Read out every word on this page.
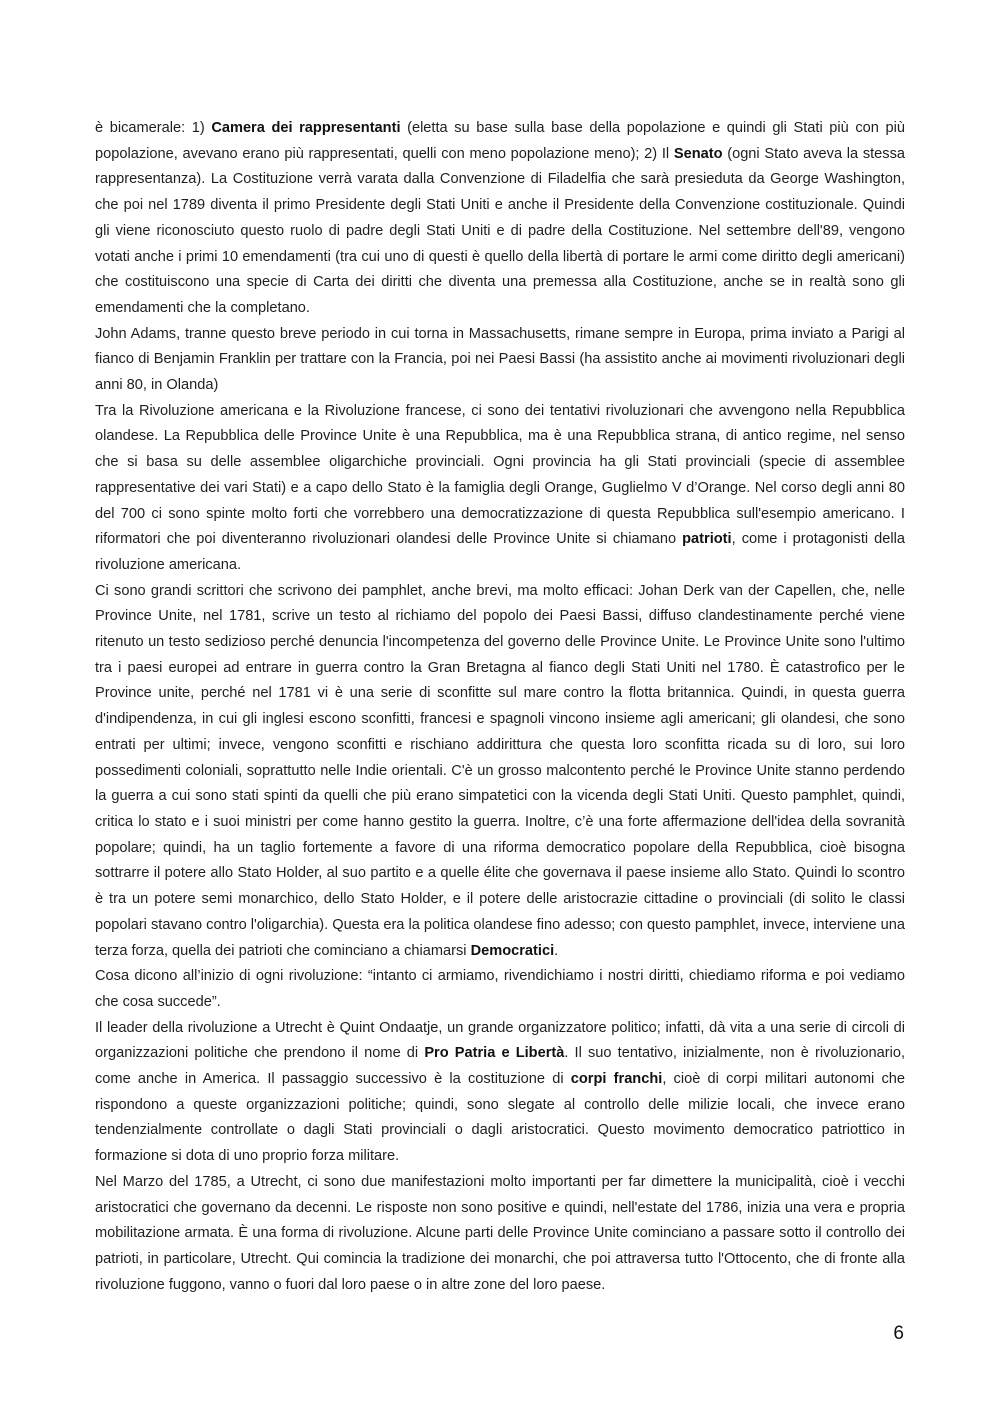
è bicamerale: 1) Camera dei rappresentanti (eletta su base sulla base della popolazione e quindi gli Stati più con più popolazione, avevano erano più rappresentati, quelli con meno popolazione meno); 2) Il Senato (ogni Stato aveva la stessa rappresentanza). La Costituzione verrà varata dalla Convenzione di Filadelfia che sarà presieduta da George Washington, che poi nel 1789 diventa il primo Presidente degli Stati Uniti e anche il Presidente della Convenzione costituzionale. Quindi gli viene riconosciuto questo ruolo di padre degli Stati Uniti e di padre della Costituzione. Nel settembre dell'89, vengono votati anche i primi 10 emendamenti (tra cui uno di questi è quello della libertà di portare le armi come diritto degli americani) che costituiscono una specie di Carta dei diritti che diventa una premessa alla Costituzione, anche se in realtà sono gli emendamenti che la completano.

John Adams, tranne questo breve periodo in cui torna in Massachusetts, rimane sempre in Europa, prima inviato a Parigi al fianco di Benjamin Franklin per trattare con la Francia, poi nei Paesi Bassi (ha assistito anche ai movimenti rivoluzionari degli anni 80, in Olanda)

Tra la Rivoluzione americana e la Rivoluzione francese, ci sono dei tentativi rivoluzionari che avvengono nella Repubblica olandese. La Repubblica delle Province Unite è una Repubblica, ma è una Repubblica strana, di antico regime, nel senso che si basa su delle assemblee oligarchiche provinciali. Ogni provincia ha gli Stati provinciali (specie di assemblee rappresentative dei vari Stati) e a capo dello Stato è la famiglia degli Orange, Guglielmo V d’Orange. Nel corso degli anni 80 del 700 ci sono spinte molto forti che vorrebbero una democratizzazione di questa Repubblica sull'esempio americano. I riformatori che poi diventeranno rivoluzionari olandesi delle Province Unite si chiamano patrioti, come i protagonisti della rivoluzione americana.

Ci sono grandi scrittori che scrivono dei pamphlet, anche brevi, ma molto efficaci: Johan Derk van der Capellen, che, nelle Province Unite, nel 1781, scrive un testo al richiamo del popolo dei Paesi Bassi, diffuso clandestinamente perché viene ritenuto un testo sedizioso perché denuncia l'incompetenza del governo delle Province Unite. Le Province Unite sono l'ultimo tra i paesi europei ad entrare in guerra contro la Gran Bretagna al fianco degli Stati Uniti nel 1780. È catastrofico per le Province unite, perché nel 1781 vi è una serie di sconfitte sul mare contro la flotta britannica. Quindi, in questa guerra d'indipendenza, in cui gli inglesi escono sconfitti, francesi e spagnoli vincono insieme agli americani; gli olandesi, che sono entrati per ultimi; invece, vengono sconfitti e rischiano addirittura che questa loro sconfitta ricada su di loro, sui loro possedimenti coloniali, soprattutto nelle Indie orientali. C'è un grosso malcontento perché le Province Unite stanno perdendo la guerra a cui sono stati spinti da quelli che più erano simpatetici con la vicenda degli Stati Uniti. Questo pamphlet, quindi, critica lo stato e i suoi ministri per come hanno gestito la guerra. Inoltre, c’è una forte affermazione dell'idea della sovranità popolare; quindi, ha un taglio fortemente a favore di una riforma democratico popolare della Repubblica, cioè bisogna sottrarre il potere allo Stato Holder, al suo partito e a quelle élite che governava il paese insieme allo Stato. Quindi lo scontro è tra un potere semi monarchico, dello Stato Holder, e il potere delle aristocrazie cittadine o provinciali (di solito le classi popolari stavano contro l'oligarchia). Questa era la politica olandese fino adesso; con questo pamphlet, invece, interviene una terza forza, quella dei patrioti che cominciano a chiamarsi Democratici.

Cosa dicono all’inizio di ogni rivoluzione: “intanto ci armiamo, rivendichiamo i nostri diritti, chiediamo riforma e poi vediamo che cosa succede”.

Il leader della rivoluzione a Utrecht è Quint Ondaatje, un grande organizzatore politico; infatti, dà vita a una serie di circoli di organizzazioni politiche che prendono il nome di Pro Patria e Libertà. Il suo tentativo, inizialmente, non è rivoluzionario, come anche in America. Il passaggio successivo è la costituzione di corpi franchi, cioè di corpi militari autonomi che rispondono a queste organizzazioni politiche; quindi, sono slegate al controllo delle milizie locali, che invece erano tendenzialmente controllate o dagli Stati provinciali o dagli aristocratici. Questo movimento democratico patriottico in formazione si dota di uno proprio forza militare.

Nel Marzo del 1785, a Utrecht, ci sono due manifestazioni molto importanti per far dimettere la municipalità, cioè i vecchi aristocratici che governano da decenni. Le risposte non sono positive e quindi, nell'estate del 1786, inizia una vera e propria mobilitazione armata. È una forma di rivoluzione. Alcune parti delle Province Unite cominciano a passare sotto il controllo dei patrioti, in particolare, Utrecht. Qui comincia la tradizione dei monarchi, che poi attraversa tutto l'Ottocento, che di fronte alla rivoluzione fuggono, vanno o fuori dal loro paese o in altre zone del loro paese.

6
